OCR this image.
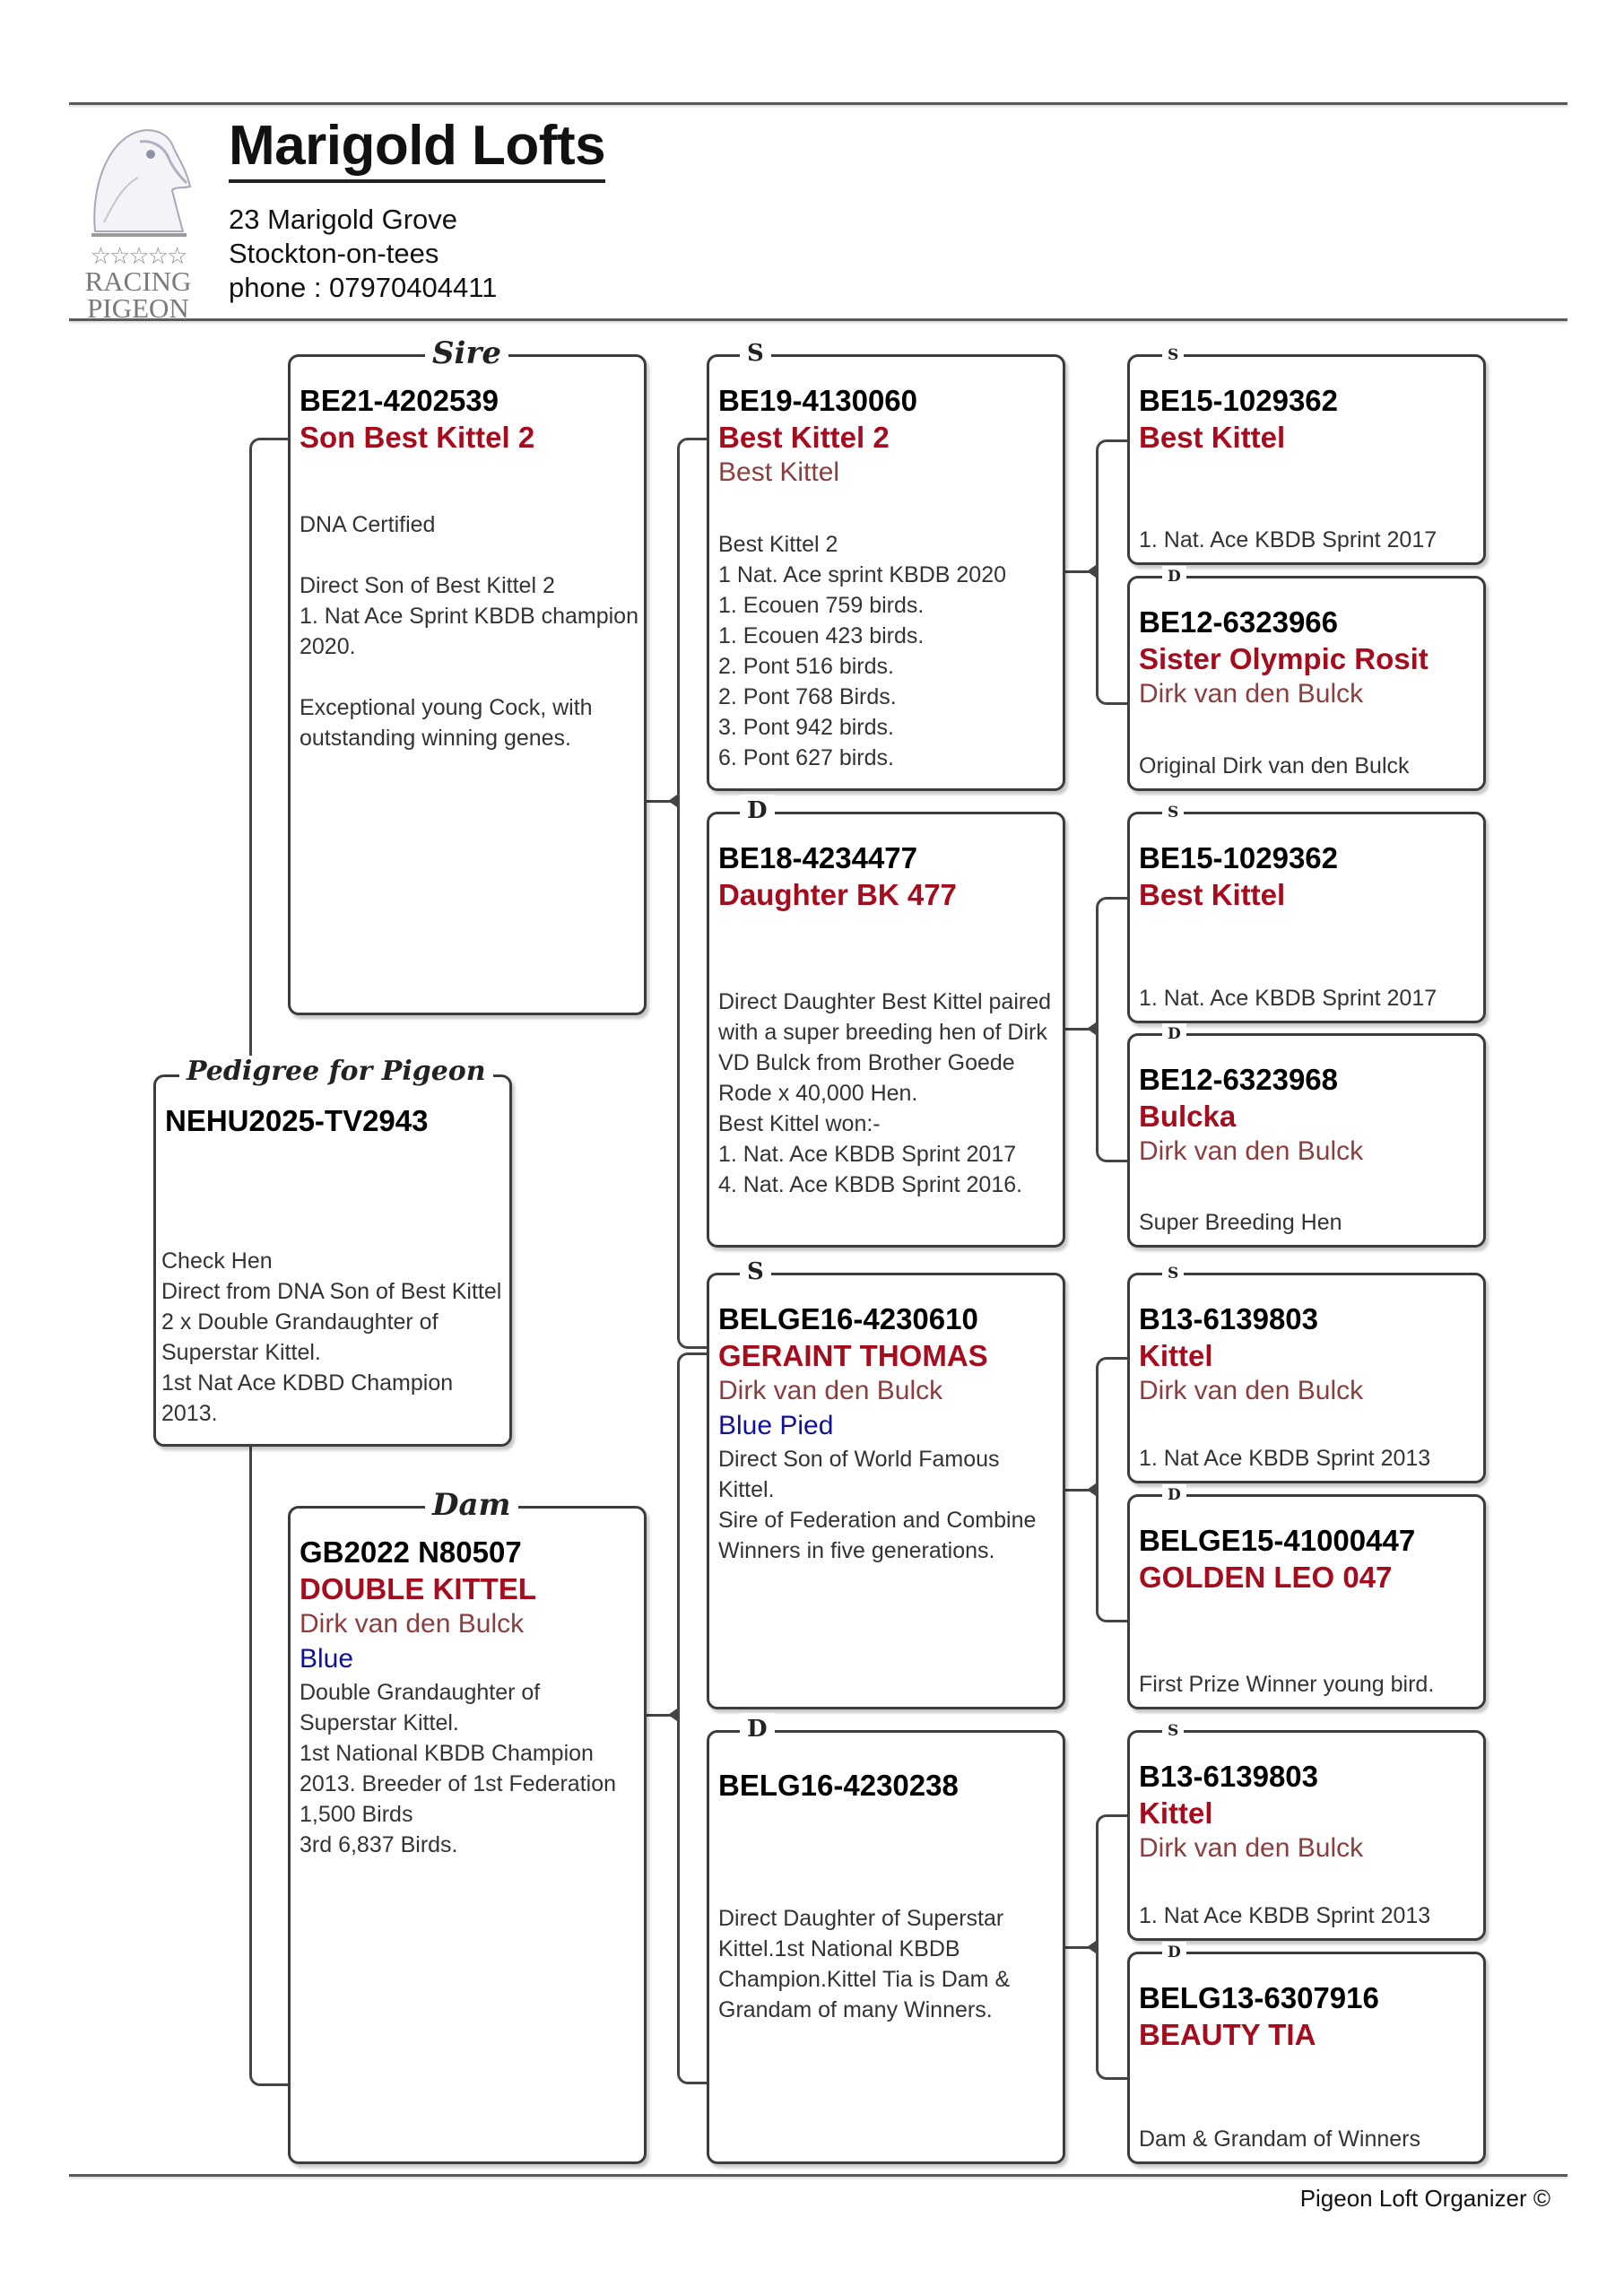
☆☆☆☆☆
RACING
PIGEON
Marigold Lofts
23 Marigold Grove
Stockton-on-tees
phone : 07970404411
Pedigree for Pigeon
NEHU2025-TV2943
Check Hen
Direct from DNA Son of Best Kittel 2 x Double Grandaughter of Superstar Kittel.
1st Nat Ace KDBD Champion 2013.
Sire
BE21-4202539
Son Best Kittel 2
DNA Certified

Direct Son of Best Kittel 2
1. Nat Ace Sprint KBDB champion 2020.

Exceptional young Cock, with outstanding winning genes.
Dam
GB2022 N80507
DOUBLE KITTEL
Dirk van den Bulck
Blue
Double Grandaughter of Superstar Kittel.
1st National KBDB Champion 2013. Breeder of 1st Federation 1,500 Birds
3rd 6,837 Birds.
S
BE19-4130060
Best Kittel 2
Best Kittel
Best Kittel 2
1 Nat. Ace sprint KBDB 2020
1. Ecouen 759 birds.
1. Ecouen 423 birds.
2. Pont 516 birds.
2. Pont 768 Birds.
3. Pont 942 birds.
6. Pont 627 birds.
D
BE18-4234477
Daughter BK 477
Direct Daughter Best Kittel paired with a super breeding hen of Dirk VD Bulck from Brother Goede Rode x 40,000 Hen.
Best Kittel won:-
1. Nat. Ace KBDB Sprint 2017
4. Nat. Ace KBDB Sprint 2016.
S
BELGE16-4230610
GERAINT THOMAS
Dirk van den Bulck
Blue Pied
Direct Son of World Famous Kittel.
Sire of Federation and Combine Winners in five generations.
D
BELG16-4230238
Direct Daughter of Superstar Kittel.1st National KBDB Champion.Kittel Tia is Dam & Grandam of many Winners.
S
BE15-1029362
Best Kittel
1. Nat. Ace KBDB Sprint 2017
D
BE12-6323966
Sister Olympic Rosit
Dirk van den Bulck
Original Dirk van den Bulck
S
BE15-1029362
Best Kittel
1. Nat. Ace KBDB Sprint 2017
D
BE12-6323968
Bulcka
Dirk van den Bulck
Super Breeding Hen
S
B13-6139803
Kittel
Dirk van den Bulck
1. Nat Ace KBDB Sprint 2013
D
BELGE15-41000447
GOLDEN LEO 047
First Prize Winner young bird.
S
B13-6139803
Kittel
Dirk van den Bulck
1. Nat Ace KBDB Sprint 2013
D
BELG13-6307916
BEAUTY TIA
Dam & Grandam of Winners
Pigeon Loft Organizer ©
